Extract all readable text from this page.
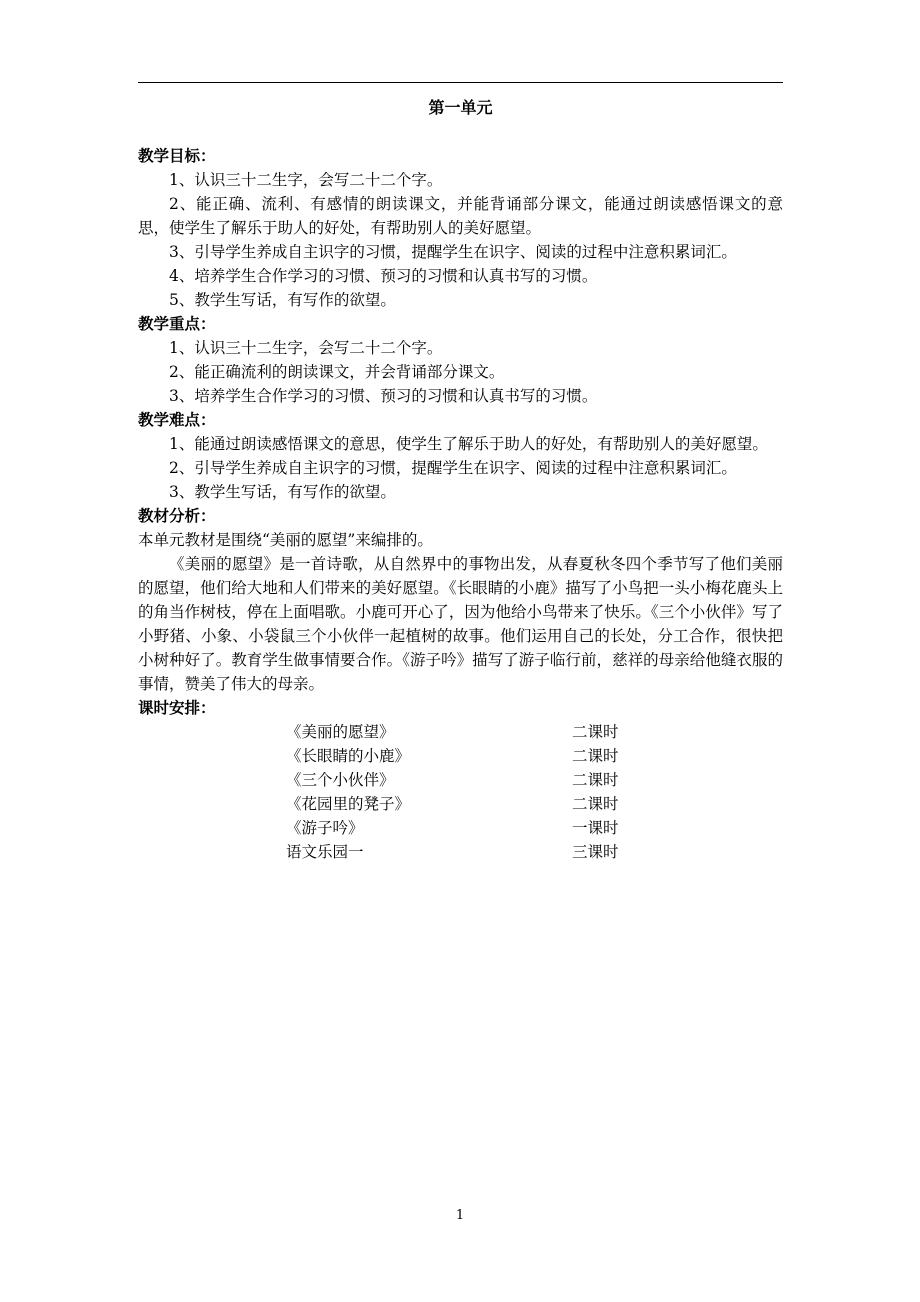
第一单元

教学目标：

1、认识三十二生字，会写二十二个字。

2、能正确、流利、有感情的朗读课文，并能背诵部分课文，能通过朗读感悟课文的意思，使学生了解乐于助人的好处，有帮助别人的美好愿望。

3、引导学生养成自主识字的习惯，提醒学生在识字、阅读的过程中注意积累词汇。

4、培养学生合作学习的习惯、预习的习惯和认真书写的习惯。

5、教学生写话，有写作的欲望。

教学重点：

1、认识三十二生字，会写二十二个字。

2、能正确流利的朗读课文，并会背诵部分课文。

3、培养学生合作学习的习惯、预习的习惯和认真书写的习惯。

教学难点：

1、能通过朗读感悟课文的意思，使学生了解乐于助人的好处，有帮助别人的美好愿望。

2、引导学生养成自主识字的习惯，提醒学生在识字、阅读的过程中注意积累词汇。

3、教学生写话，有写作的欲望。

教材分析：

本单元教材是围绕“美丽的愿望”来编排的。

《美丽的愿望》是一首诗歌，从自然界中的事物出发，从春夏秋冬四个季节写了他们美丽的愿望，他们给大地和人们带来的美好愿望。《长眼睛的小鹿》描写了小鸟把一头小梅花鹿头上的角当作树枝，停在上面唱歌。小鹿可开心了，因为他给小鸟带来了快乐。《三个小伙伴》写了小野猪、小象、小袋鼠三个小伙伴一起植树的故事。他们运用自己的长处，分工合作，很快把小树种好了。教育学生做事情要合作。《游子吟》描写了游子临行前，慈祥的母亲给他缝衣服的事情，赞美了伟大的母亲。

课时安排：

《美丽的愿望》	二课时
《长眼睛的小鹿》	二课时
《三个小伙伴》	二课时
《花园里的凳子》	二课时
《游子吟》	一课时
语文乐园一	三课时
1
